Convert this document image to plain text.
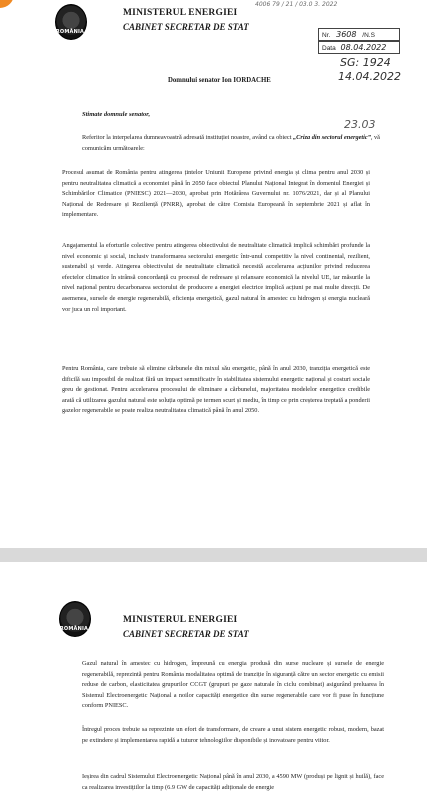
ROMÂNIA
MINISTERUL ENERGIEI
CABINET SECRETAR DE STAT
4006 79 / 21 / 03.0 3. 2022
Nr. 3608 /N.S
Data 08.04.2022
SG: 1924
14.04.2022
Domnului senator Ion IORDACHE
Stimate domnule senator,
23.03

Referitor la interpelarea dumneavoastră adresată instituției noastre, având ca obiect „Criza din sectorul energetic”, vă comunicăm următoarele:

Procesul asumat de România pentru atingerea țintelor Uniunii Europene privind energia și clima pentru anul 2030 și pentru neutralitatea climatică a economiei până în 2050 face obiectul Planului Național Integrat în domeniul Energiei și Schimbărilor Climatice (PNIESC) 2021—2030, aprobat prin Hotărârea Guvernului nr. 1076/2021, dar și al Planului Național de Redresare și Reziliență (PNRR), aprobat de către Comisia Europeană în septembrie 2021 și aflat în implementare.

Angajamentul la eforturile colective pentru atingerea obiectivului de neutralitate climatică implică schimbări profunde la nivel economic și social, inclusiv transformarea sectorului energetic într-unul competitiv la nivel continental, rezilient, sustenabil și verde. Atingerea obiectivului de neutralitate climatică necesită accelerarea acțiunilor privind reducerea efectelor climatice în strânsă concordanță cu procesul de redresare și relansare economică la nivelul UE, iar măsurile la nivel național pentru decarbonarea sectorului de producere a energiei electrice implică acțiuni pe mai multe direcții. De asemenea, sursele de energie regenerabilă, eficiența energetică, gazul natural în amestec cu hidrogen și energia nucleară vor juca un rol important.

Pentru România, care trebuie să elimine cărbunele din mixul său energetic, până în anul 2030, tranziția energetică este dificilă sau imposibil de realizat fără un impact semnificativ în stabilitatea sistemului energetic național și costuri sociale greu de gestionat. Pentru accelerarea procesului de eliminare a cărbunelui, majoritatea modelelor energetice credibile arată că utilizarea gazului natural este soluția optimă pe termen scurt și mediu, în timp ce prin creșterea treptată a ponderii gazelor regenerabile se poate realiza neutralitatea climatică până în anul 2050.

ROMÂNIA
MINISTERUL ENERGIEI
CABINET SECRETAR DE STAT

Gazul natural în amestec cu hidrogen, împreună cu energia produsă din surse nucleare și sursele de energie regenerabilă, reprezintă pentru România modalitatea optimă de tranziție în siguranță către un sector energetic cu emisii reduse de carbon, elasticitatea grupurilor CCGT (grupuri pe gaze naturale în ciclu combinat) asigurând preluarea în Sistemul Electroenergetic Național a noilor capacități energetice din surse regenerabile care vor fi puse în funcțiune conform PNIESC.

Întregul proces trebuie sa reprezinte un efort de transformare, de creare a unui sistem energetic robust, modern, bazat pe extindere și implementarea rapidă a tuturor tehnologiilor disponibile și inovatoare pentru viitor.

Ieșirea din cadrul Sistemului Electroenergetic Național până în anul 2030, a 4590 MW (produși pe lignit și huilă), face ca realizarea investițiilor la timp (6.9 GW de capacități adiționale de energie
